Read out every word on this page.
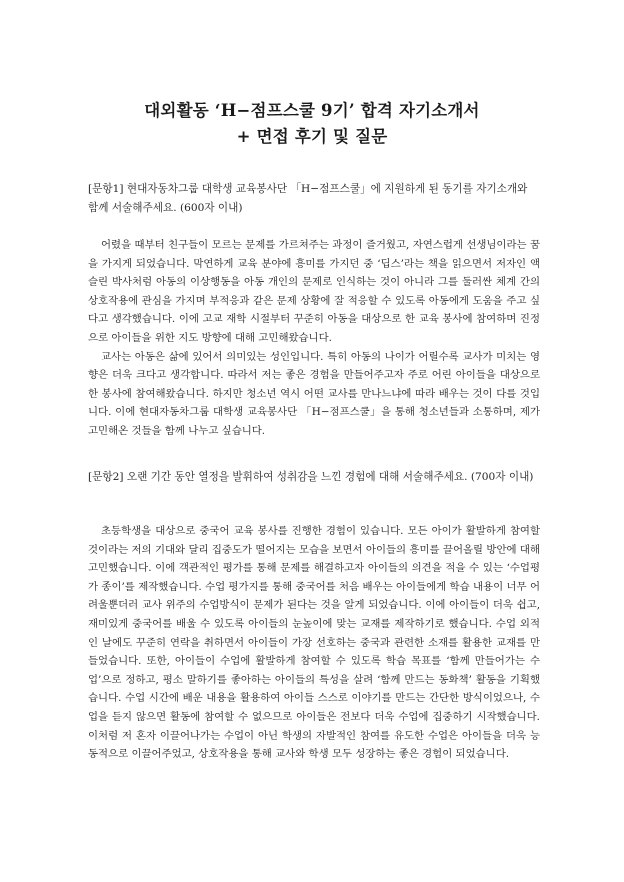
대외활동 ‘H−점프스쿨 9기’ 합격 자기소개서
+ 면접 후기 및 질문
[문항1] 현대자동차그룹 대학생 교육봉사단 「H−점프스쿨」에 지원하게 된 동기를 자기소개와 함께 서술해주세요. (600자 이내)

어렸을 때부터 친구들이 모르는 문제를 가르쳐주는 과정이 즐거웠고, 자연스럽게 선생님이라는 꿈을 가지게 되었습니다. 막연하게 교육 분야에 흥미를 가지던 중 ‘딥스’라는 책을 읽으면서 저자인 액슬린 박사처럼 아동의 이상행동을 아동 개인의 문제로 인식하는 것이 아니라 그를 둘러싼 체계 간의 상호작용에 관심을 가지며 부적응과 같은 문제 상황에 잘 적응할 수 있도록 아동에게 도움을 주고 싶다고 생각했습니다. 이에 고교 재학 시절부터 꾸준히 아동을 대상으로 한 교육 봉사에 참여하며 진정으로 아이들을 위한 지도 방향에 대해 고민해왔습니다.

교사는 아동은 삶에 있어서 의미있는 성인입니다. 특히 아동의 나이가 어릴수록 교사가 미치는 영향은 더욱 크다고 생각합니다. 따라서 저는 좋은 경험을 만들어주고자 주로 어린 아이들을 대상으로 한 봉사에 참여해왔습니다. 하지만 청소년 역시 어떤 교사를 만나느냐에 따라 배우는 것이 다를 것입니다. 이에 현대자동차그룹 대학생 교육봉사단 「H−점프스쿨」을 통해 청소년들과 소통하며, 제가 고민해온 것들을 함께 나누고 싶습니다.

[문항2] 오랜 기간 동안 열정을 발휘하여 성취감을 느낀 경험에 대해 서술해주세요. (700자 이내)

초등학생을 대상으로 중국어 교육 봉사를 진행한 경험이 있습니다. 모든 아이가 활발하게 참여할 것이라는 저의 기대와 달리 집중도가 떨어지는 모습을 보면서 아이들의 흥미를 끌어올릴 방안에 대해 고민했습니다. 이에 객관적인 평가를 통해 문제를 해결하고자 아이들의 의견을 적을 수 있는 ‘수업평가 종이’를 제작했습니다. 수업 평가지를 통해 중국어를 처음 배우는 아이들에게 학습 내용이 너무 어려울뿐더러 교사 위주의 수업방식이 문제가 된다는 것을 알게 되었습니다. 이에 아이들이 더욱 쉽고, 재미있게 중국어를 배울 수 있도록 아이들의 눈높이에 맞는 교재를 제작하기로 했습니다. 수업 외적인 날에도 꾸준히 연락을 취하면서 아이들이 가장 선호하는 중국과 관련한 소재를 활용한 교재를 만들었습니다. 또한, 아이들이 수업에 활발하게 참여할 수 있도록 학습 목표를 ‘함께 만들어가는 수업’으로 정하고, 평소 말하기를 좋아하는 아이들의 특성을 살려 ‘함께 만드는 동화책’ 활동을 기획했습니다. 수업 시간에 배운 내용을 활용하여 아이들 스스로 이야기를 만드는 간단한 방식이었으나, 수업을 듣지 않으면 활동에 참여할 수 없으므로 아이들은 전보다 더욱 수업에 집중하기 시작했습니다. 이처럼 저 혼자 이끌어나가는 수업이 아닌 학생의 자발적인 참여를 유도한 수업은 아이들을 더욱 능동적으로 이끌어주었고, 상호작용을 통해 교사와 학생 모두 성장하는 좋은 경험이 되었습니다.
